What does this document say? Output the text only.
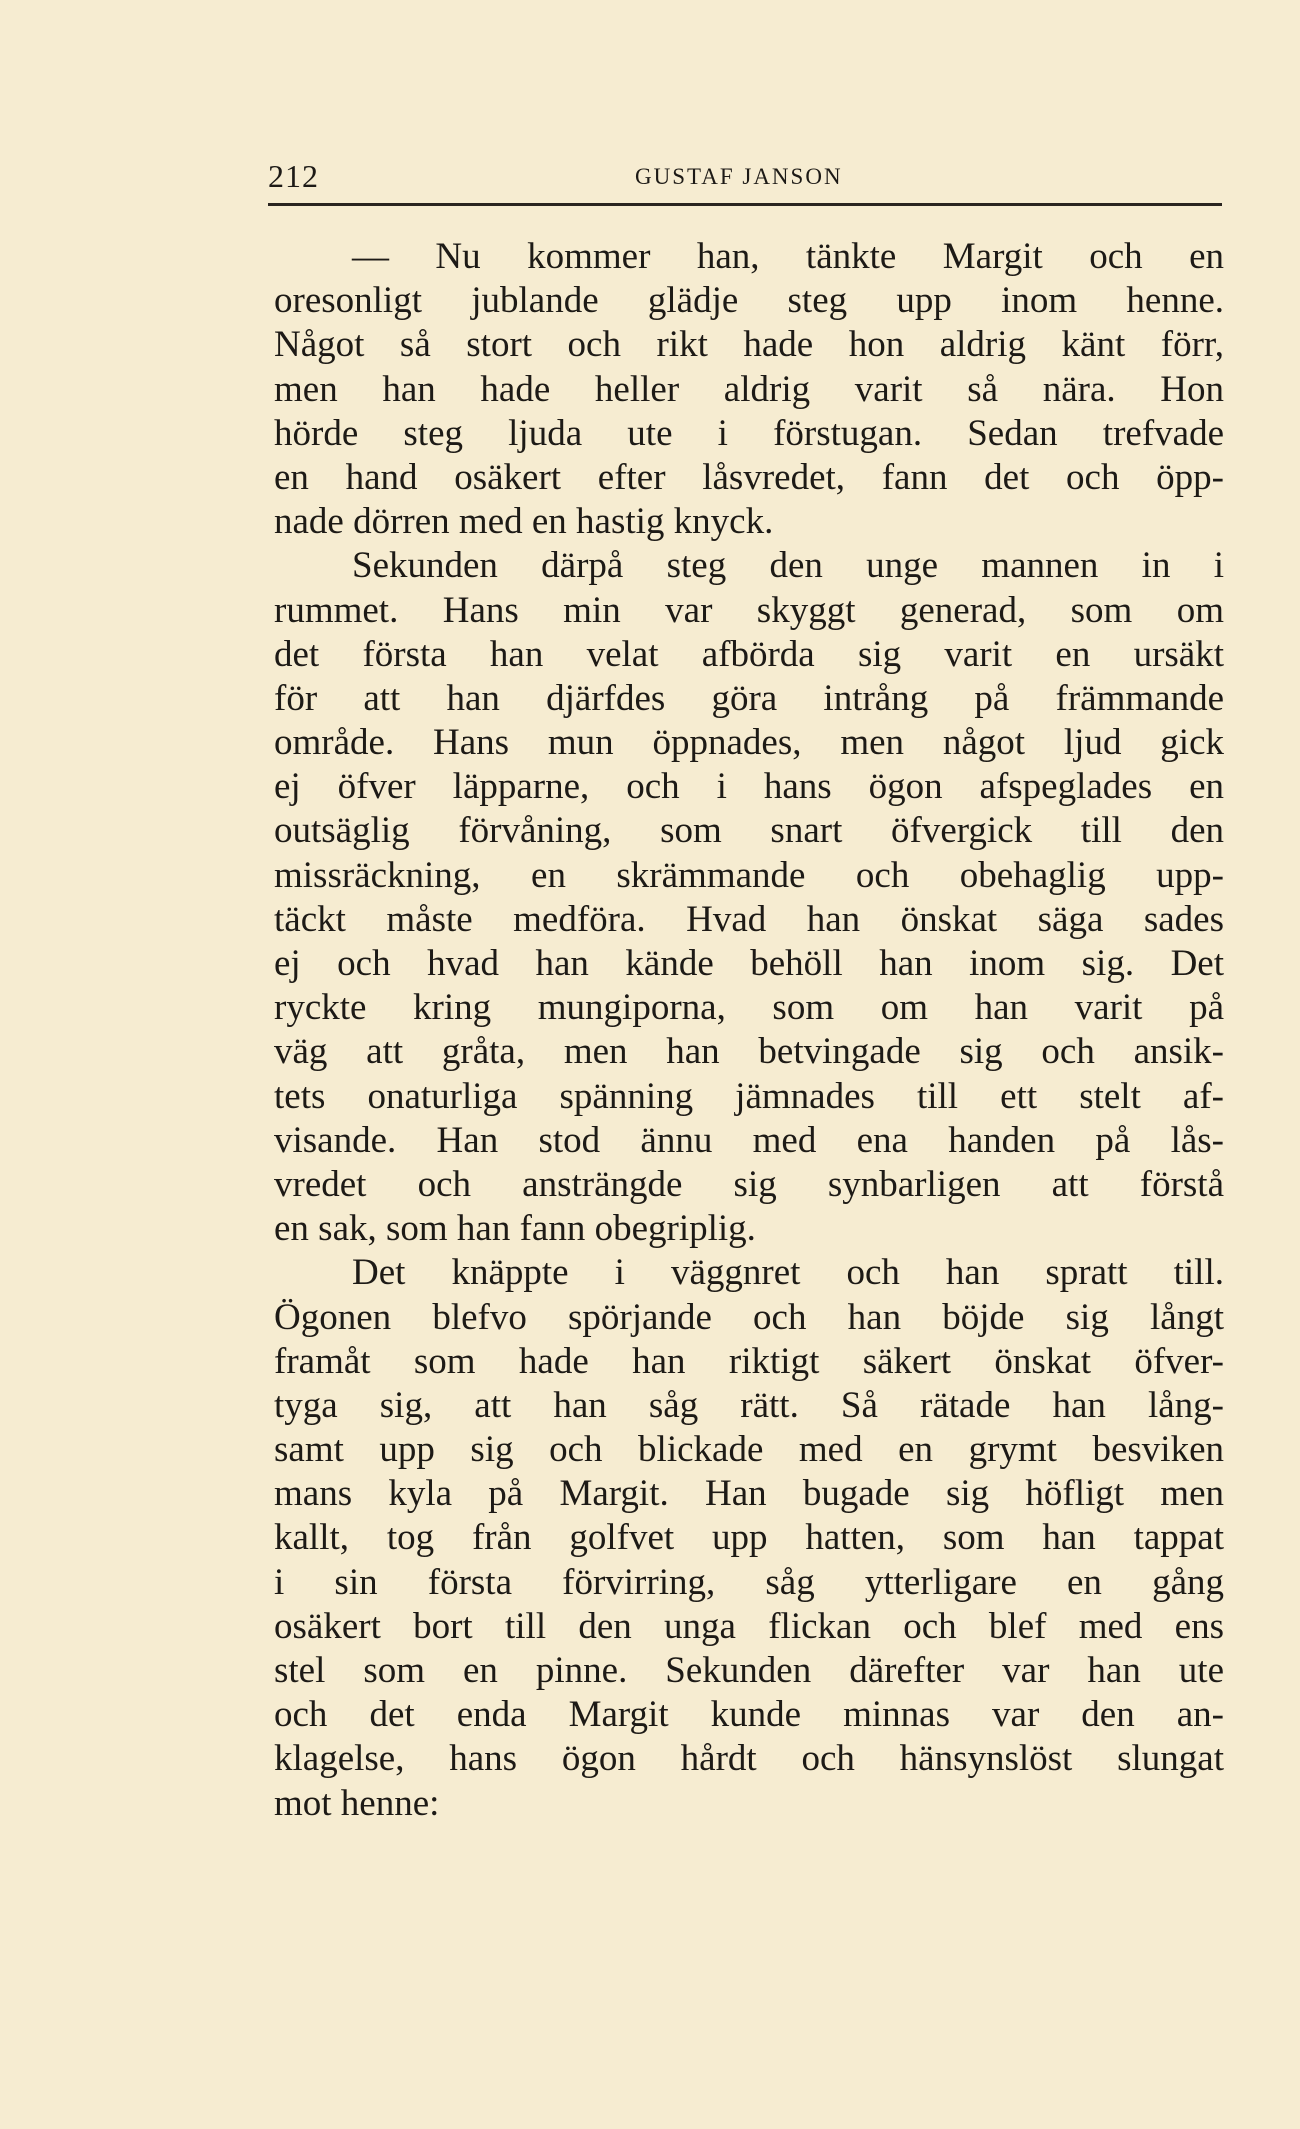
212	GUSTAF JANSON
— Nu kommer han, tänkte Margit och en
oresonligt jublande glädje steg upp inom henne.
Något så stort och rikt hade hon aldrig känt förr,
men han hade heller aldrig varit så nära. Hon
hörde steg ljuda ute i förstugan. Sedan trefvade
en hand osäkert efter låsvredet, fann det och öpp-
nade dörren med en hastig knyck.
Sekunden därpå steg den unge mannen in i
rummet. Hans min var skyggt generad, som om
det första han velat afbörda sig varit en ursäkt
för att han djärfdes göra intrång på främmande
område. Hans mun öppnades, men något ljud gick
ej öfver läpparne, och i hans ögon afspeglades en
outsäglig förvåning, som snart öfvergick till den
missräckning, en skrämmande och obehaglig upp-
täckt måste medföra. Hvad han önskat säga sades
ej och hvad han kände behöll han inom sig. Det
ryckte kring mungiporna, som om han varit på
väg att gråta, men han betvingade sig och ansik-
tets onaturliga spänning jämnades till ett stelt af-
visande. Han stod ännu med ena handen på lås-
vredet och ansträngde sig synbarligen att förstå
en sak, som han fann obegriplig.
Det knäppte i väggnret och han spratt till.
Ögonen blefvo spörjande och han böjde sig långt
framåt som hade han riktigt säkert önskat öfver-
tyga sig, att han såg rätt. Så rätade han lång-
samt upp sig och blickade med en grymt besviken
mans kyla på Margit. Han bugade sig höfligt men
kallt, tog från golfvet upp hatten, som han tappat
i sin första förvirring, såg ytterligare en gång
osäkert bort till den unga flickan och blef med ens
stel som en pinne. Sekunden därefter var han ute
och det enda Margit kunde minnas var den an-
klagelse, hans ögon hårdt och hänsynslöst slungat
mot henne:
